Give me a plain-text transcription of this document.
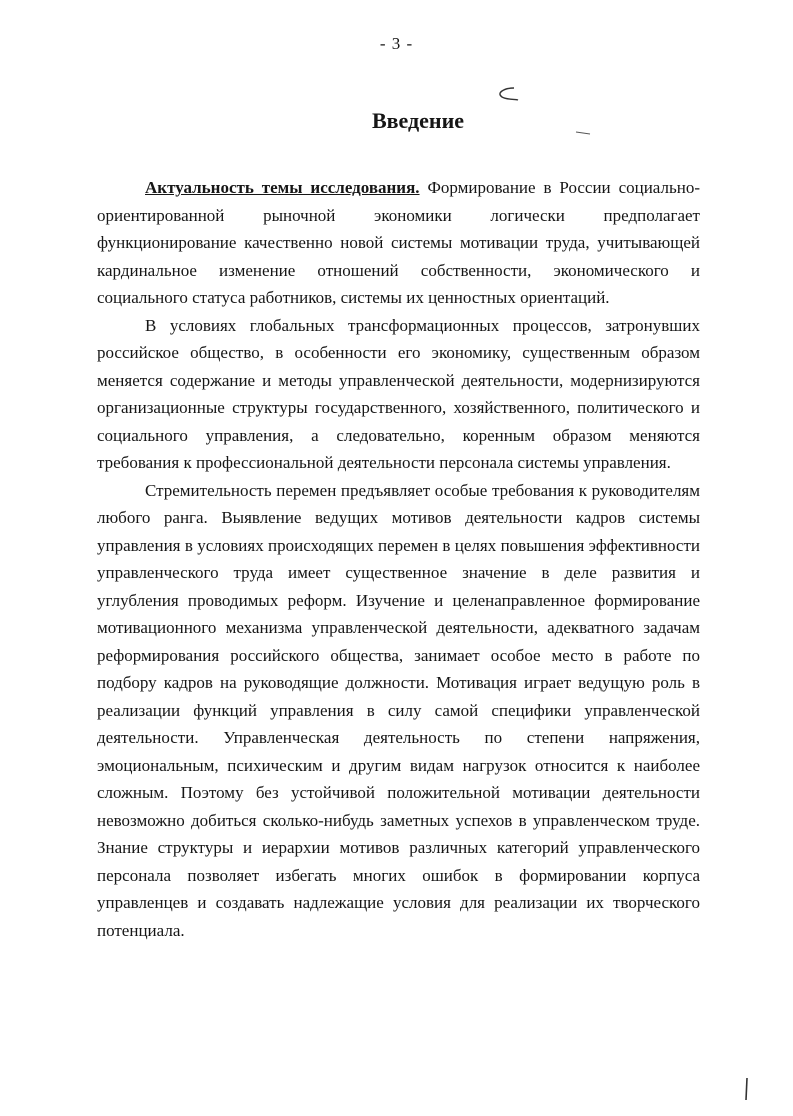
- 3 -
Введение

Актуальность темы исследования. Формирование в России социально-ориентированной рыночной экономики логически предполагает функционирование качественно новой системы мотивации труда, учитывающей кардинальное изменение отношений собственности, экономического и социального статуса работников, системы их ценностных ориентаций.

В условиях глобальных трансформационных процессов, затронувших российское общество, в особенности его экономику, существенным образом меняется содержание и методы управленческой деятельности, модернизируются организационные структуры государственного, хозяйственного, политического и социального управления, а следовательно, коренным образом меняются требования к профессиональной деятельности персонала системы управления.

Стремительность перемен предъявляет особые требования к руководителям любого ранга. Выявление ведущих мотивов деятельности кадров системы управления в условиях происходящих перемен в целях повышения эффективности управленческого труда имеет существенное значение в деле развития и углубления проводимых реформ. Изучение и целенаправленное формирование мотивационного механизма управленческой деятельности, адекватного задачам реформирования российского общества, занимает особое место в работе по подбору кадров на руководящие должности. Мотивация играет ведущую роль в реализации функций управления в силу самой специфики управленческой деятельности. Управленческая деятельность по степени напряжения, эмоциональным, психическим и другим видам нагрузок относится к наиболее сложным. Поэтому без устойчивой положительной мотивации деятельности невозможно добиться сколько-нибудь заметных успехов в управленческом труде. Знание структуры и иерархии мотивов различных категорий управленческого персонала позволяет избегать многих ошибок в формировании корпуса управленцев и создавать надлежащие условия для реализации их творческого потенциала.
